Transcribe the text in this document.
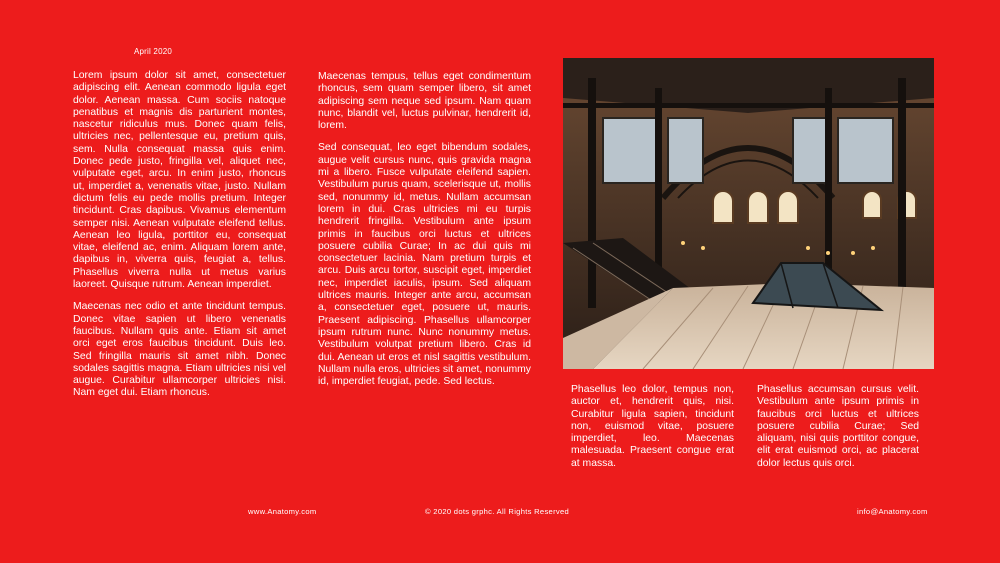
April 2020

Lorem ipsum dolor sit amet, consectetuer adipiscing elit. Aenean commodo ligula eget dolor. Aenean massa. Cum sociis natoque penatibus et magnis dis parturient montes, nascetur ridiculus mus. Donec quam felis, ultricies nec, pellentesque eu, pretium quis, sem. Nulla consequat massa quis enim. Donec pede justo, fringilla vel, aliquet nec, vulputate eget, arcu. In enim justo, rhoncus ut, imperdiet a, venenatis vitae, justo. Nullam dictum felis eu pede mollis pretium. Integer tincidunt. Cras dapibus. Vivamus elementum semper nisi. Aenean vulputate eleifend tellus. Aenean leo ligula, porttitor eu, consequat vitae, eleifend ac, enim. Aliquam lorem ante, dapibus in, viverra quis, feugiat a, tellus. Phasellus viverra nulla ut metus varius laoreet. Quisque rutrum. Aenean imperdiet.

Maecenas nec odio et ante tincidunt tempus. Donec vitae sapien ut libero venenatis faucibus. Nullam quis ante. Etiam sit amet orci eget eros faucibus tincidunt. Duis leo. Sed fringilla mauris sit amet nibh. Donec sodales sagittis magna. Etiam ultricies nisi vel augue. Curabitur ullamcorper ultricies nisi. Nam eget dui. Etiam rhoncus.

Maecenas tempus, tellus eget condimentum rhoncus, sem quam semper libero, sit amet adipiscing sem neque sed ipsum. Nam quam nunc, blandit vel, luctus pulvinar, hendrerit id, lorem.

Sed consequat, leo eget bibendum sodales, augue velit cursus nunc, quis gravida magna mi a libero. Fusce vulputate eleifend sapien. Vestibulum purus quam, scelerisque ut, mollis sed, nonummy id, metus. Nullam accumsan lorem in dui. Cras ultricies mi eu turpis hendrerit fringilla. Vestibulum ante ipsum primis in faucibus orci luctus et ultrices posuere cubilia Curae; In ac dui quis mi consectetuer lacinia. Nam pretium turpis et arcu. Duis arcu tortor, suscipit eget, imperdiet nec, imperdiet iaculis, ipsum. Sed aliquam ultrices mauris. Integer ante arcu, accumsan a, consectetuer eget, posuere ut, mauris. Praesent adipiscing. Phasellus ullamcorper ipsum rutrum nunc. Nunc nonummy metus. Vestibulum volutpat pretium libero. Cras id dui. Aenean ut eros et nisl sagittis vestibulum. Nullam nulla eros, ultricies sit amet, nonummy id, imperdiet feugiat, pede. Sed lectus.

Phasellus leo dolor, tempus non, auctor et, hendrerit quis, nisi. Curabitur ligula sapien, tincidunt non, euismod vitae, posuere imperdiet, leo. Maecenas malesuada. Praesent congue erat at massa.

Phasellus accumsan cursus velit. Vestibulum ante ipsum primis in faucibus orci luctus et ultrices posuere cubilia Curae; Sed aliquam, nisi quis porttitor congue, elit erat euismod orci, ac placerat dolor lectus quis orci.

www.Anatomy.com	© 2020 dots grphc. All Rights Reserved	info@Anatomy.com
